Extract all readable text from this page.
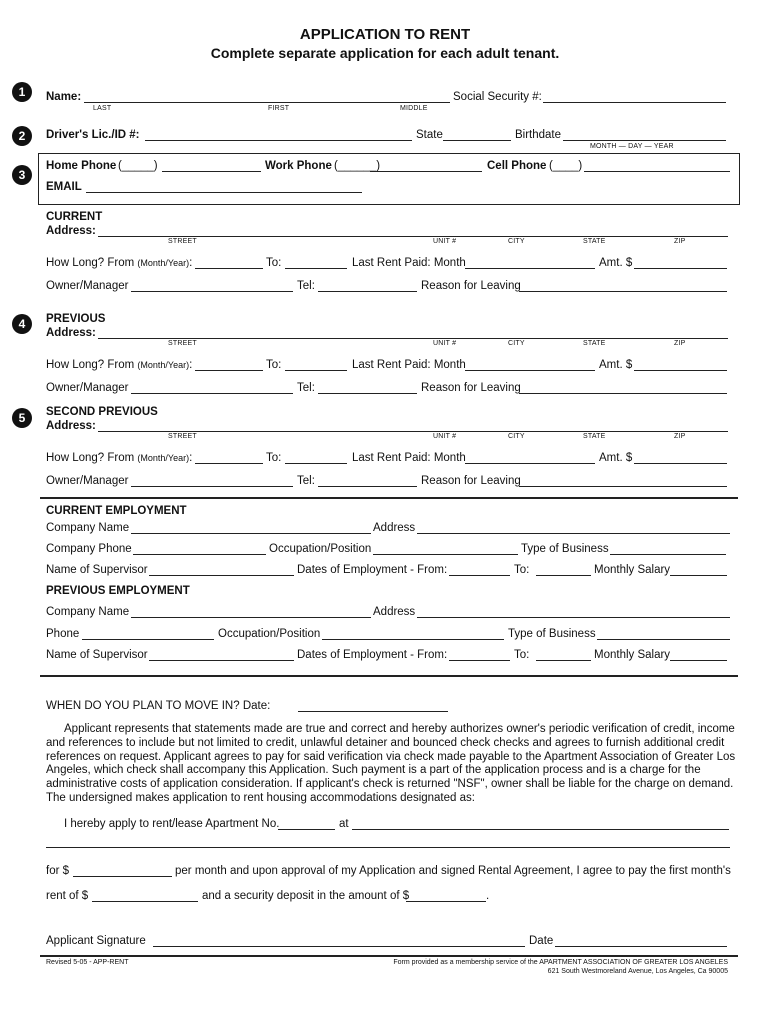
APPLICATION TO RENT
Complete separate application for each adult tenant.
1	Name:
LAST	FIRST	MIDDLE
Social Security #:
2	Driver's Lic./ID #:	State	Birthdate
MONTH — DAY — YEAR
3
Home Phone (_____)	Work Phone (______)	Cell Phone (____)
EMAIL
CURRENT
Address:
STREET	UNIT #	CITY	STATE	ZIP
How Long? From (Month/Year):	To:	Last Rent Paid: Month	Amt. $
Owner/Manager	Tel:	Reason for Leaving
4	PREVIOUS
Address:
STREET	UNIT #	CITY	STATE	ZIP
How Long? From (Month/Year):	To:	Last Rent Paid: Month	Amt. $
Owner/Manager	Tel:	Reason for Leaving
5	SECOND PREVIOUS
Address:
STREET	UNIT #	CITY	STATE	ZIP
How Long? From (Month/Year):	To:	Last Rent Paid: Month	Amt. $
Owner/Manager	Tel:	Reason for Leaving
CURRENT EMPLOYMENT
Company Name	Address
Company Phone	Occupation/Position	Type of Business
Name of Supervisor	Dates of Employment - From:	To:	Monthly Salary
PREVIOUS EMPLOYMENT
Company Name	Address
Phone	Occupation/Position	Type of Business
Name of Supervisor	Dates of Employment - From:	To:	Monthly Salary
WHEN DO YOU PLAN TO MOVE IN? Date:
Applicant represents that statements made are true and correct and hereby authorizes owner's periodic verification of credit, income and references to include but not limited to credit, unlawful detainer and bounced check checks and agrees to furnish additional credit references on request. Applicant agrees to pay for said verification via check made payable to the Apartment Association of Greater Los Angeles, which check shall accompany this Application. Such payment is a part of the application process and is a charge for the administrative costs of application consideration. If applicant's check is returned "NSF", owner shall be liable for the charge on demand. The undersigned makes application to rent housing accommodations designated as:
I hereby apply to rent/lease Apartment No.	at
for $	per month and upon approval of my Application and signed Rental Agreement, I agree to pay the first month's
rent of $	and a security deposit in the amount of $	.
Applicant Signature	Date
Revised 5-05 - APP-RENT	Form provided as a membership service of the APARTMENT ASSOCIATION OF GREATER LOS ANGELES
621 South Westmoreland Avenue, Los Angeles, Ca 90005
